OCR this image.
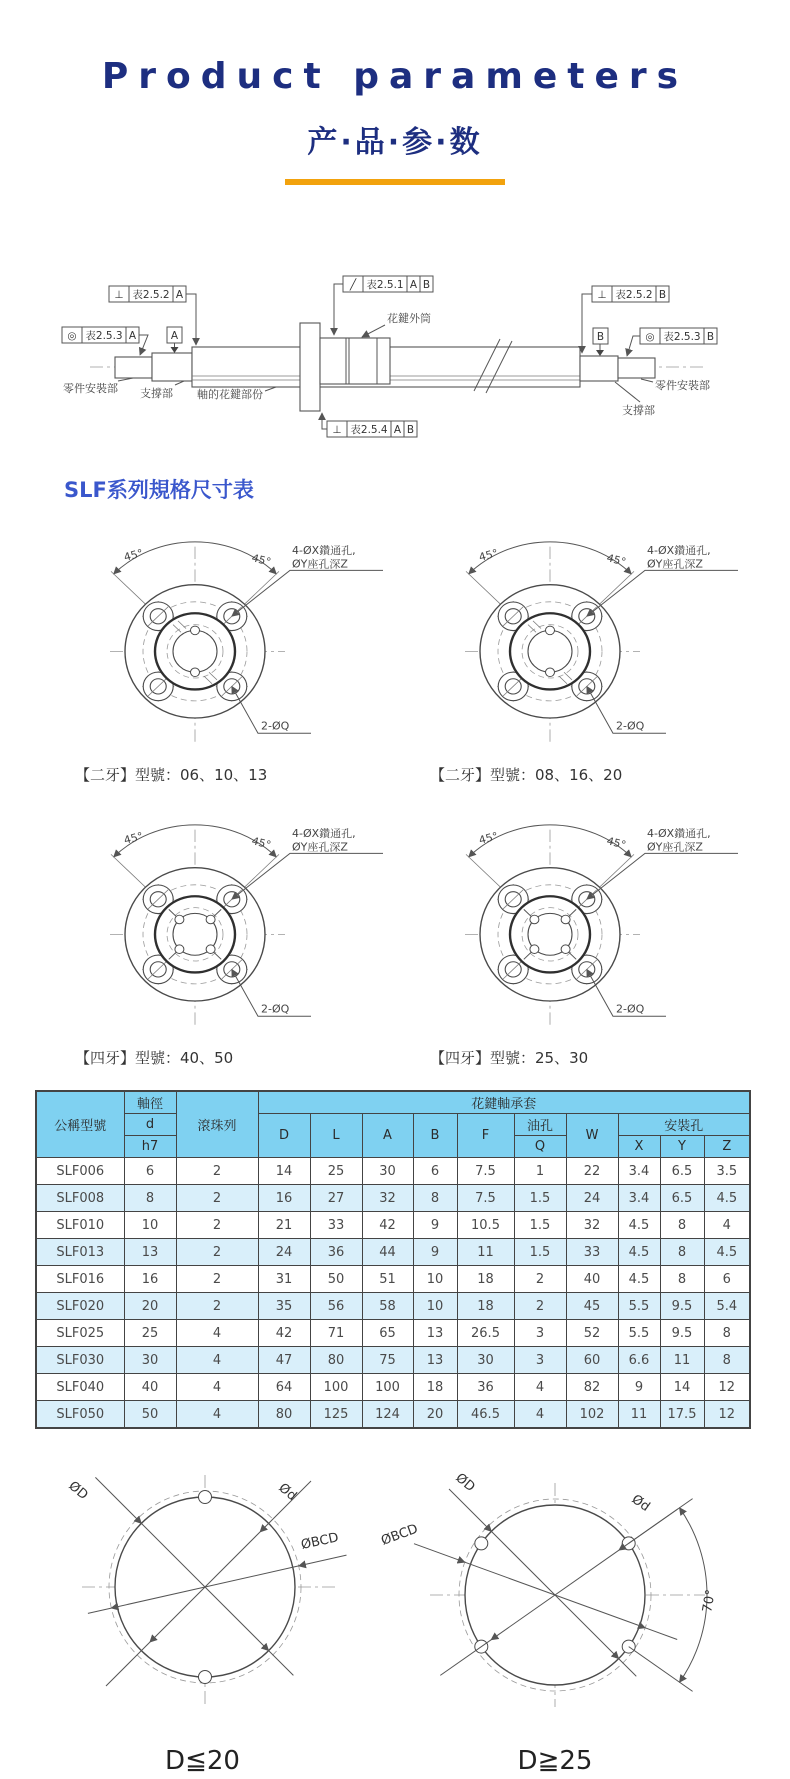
Product parameters
产·品·参·数
⊥ 表2.5.2 A
◎ 表2.5.3 A	A
╱ 表2.5.1 A B
花鍵外筒
⊥ 表2.5.2 B
B	◎ 表2.5.3 B
⊥ 表2.5.4 A B
零件安裝部 支撐部 軸的花鍵部份
零件安裝部
支撐部
SLF系列規格尺寸表
45°	45°
4-ØX鑽通孔,
ØY座孔深Z
2-ØQ
【二牙】型號：06、10、13
45°	45°
4-ØX鑽通孔,
ØY座孔深Z
2-ØQ
【二牙】型號：08、16、20
45°	45°
4-ØX鑽通孔,
ØY座孔深Z
2-ØQ
【四牙】型號：40、50
45°	45°
4-ØX鑽通孔,
ØY座孔深Z
2-ØQ
【四牙】型號：25、30
公稱型號	軸徑	滾珠列	花鍵軸承套									
	d		D	L	A	B	F	油孔	W	安裝孔		
	h7							Q		X	Y	Z
SLF006	6	2	14	25	30	6	7.5	1	22	3.4	6.5	3.5
SLF008	8	2	16	27	32	8	7.5	1.5	24	3.4	6.5	4.5
SLF010	10	2	21	33	42	9	10.5	1.5	32	4.5	8	4
SLF013	13	2	24	36	44	9	11	1.5	33	4.5	8	4.5
SLF016	16	2	31	50	51	10	18	2	40	4.5	8	6
SLF020	20	2	35	56	58	10	18	2	45	5.5	9.5	5.4
SLF025	25	4	42	71	65	13	26.5	3	52	5.5	9.5	8
SLF030	30	4	47	80	75	13	30	3	60	6.6	11	8
SLF040	40	4	64	100	100	18	36	4	82	9	14	12
SLF050	50	4	80	125	124	20	46.5	4	102	11	17.5	12
ØD	Ød
ØBCD
D≦20
ØD
Ød
ØBCD
70°
D≧25
